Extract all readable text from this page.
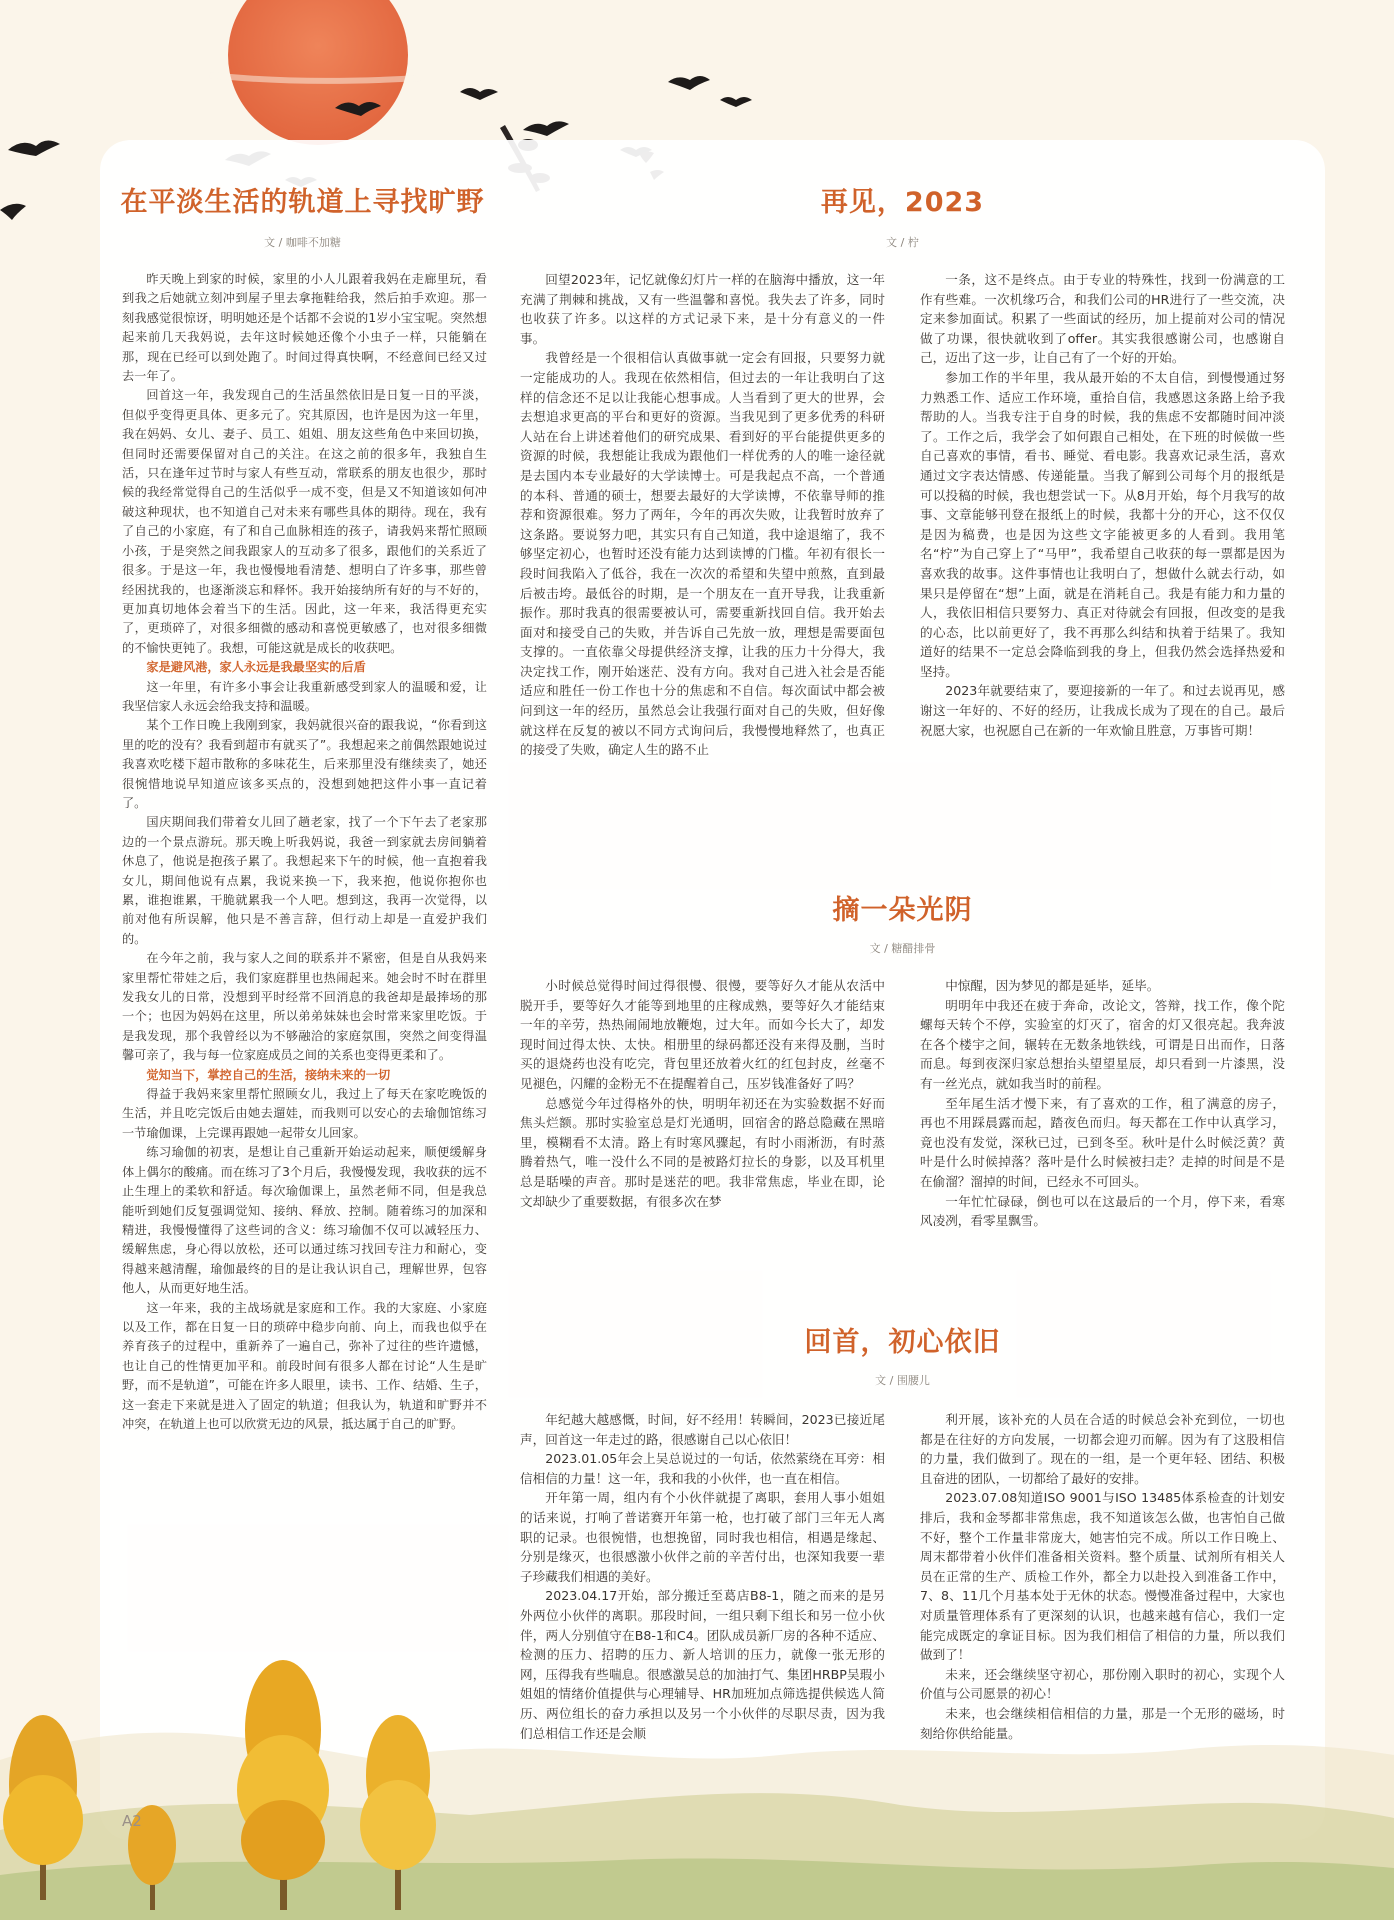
在平淡生活的轨道上寻找旷野
文 / 咖啡不加糖

昨天晚上到家的时候，家里的小人儿跟着我妈在走廊里玩，看到我之后她就立刻冲到屋子里去拿拖鞋给我，然后拍手欢迎。那一刻我感觉很惊讶，明明她还是个话都不会说的1岁小宝宝呢。突然想起来前几天我妈说，去年这时候她还像个小虫子一样，只能躺在那，现在已经可以到处跑了。时间过得真快啊，不经意间已经又过去一年了。

回首这一年，我发现自己的生活虽然依旧是日复一日的平淡，但似乎变得更具体、更多元了。究其原因，也许是因为这一年里，我在妈妈、女儿、妻子、员工、姐姐、朋友这些角色中来回切换，但同时还需要保留对自己的关注。在这之前的很多年，我独自生活，只在逢年过节时与家人有些互动，常联系的朋友也很少，那时候的我经常觉得自己的生活似乎一成不变，但是又不知道该如何冲破这种现状，也不知道自己对未来有哪些具体的期待。现在，我有了自己的小家庭，有了和自己血脉相连的孩子，请我妈来帮忙照顾小孩，于是突然之间我跟家人的互动多了很多，跟他们的关系近了很多。于是这一年，我也慢慢地看清楚、想明白了许多事，那些曾经困扰我的，也逐渐淡忘和释怀。我开始接纳所有好的与不好的，更加真切地体会着当下的生活。因此，这一年来，我活得更充实了，更琐碎了，对很多细微的感动和喜悦更敏感了，也对很多细微的不愉快更钝了。我想，可能这就是成长的收获吧。

家是避风港，家人永远是我最坚实的后盾

这一年里，有许多小事会让我重新感受到家人的温暖和爱，让我坚信家人永远会给我支持和温暖。

某个工作日晚上我刚到家，我妈就很兴奋的跟我说，“你看到这里的吃的没有？我看到超市有就买了”。我想起来之前偶然跟她说过我喜欢吃楼下超市散称的多味花生，后来那里没有继续卖了，她还很惋惜地说早知道应该多买点的，没想到她把这件小事一直记着了。

国庆期间我们带着女儿回了趟老家，找了一个下午去了老家那边的一个景点游玩。那天晚上听我妈说，我爸一到家就去房间躺着休息了，他说是抱孩子累了。我想起来下午的时候，他一直抱着我女儿，期间他说有点累，我说来换一下，我来抱，他说你抱你也累，谁抱谁累，干脆就累我一个人吧。想到这，我再一次觉得，以前对他有所误解，他只是不善言辞，但行动上却是一直爱护我们的。

在今年之前，我与家人之间的联系并不紧密，但是自从我妈来家里帮忙带娃之后，我们家庭群里也热闹起来。她会时不时在群里发我女儿的日常，没想到平时经常不回消息的我爸却是最捧场的那一个；也因为妈妈在这里，所以弟弟妹妹也会时常来家里吃饭。于是我发现，那个我曾经以为不够融洽的家庭氛围，突然之间变得温馨可亲了，我与每一位家庭成员之间的关系也变得更柔和了。

觉知当下，掌控自己的生活，接纳未来的一切

得益于我妈来家里帮忙照顾女儿，我过上了每天在家吃晚饭的生活，并且吃完饭后由她去遛娃，而我则可以安心的去瑜伽馆练习一节瑜伽课，上完课再跟她一起带女儿回家。

练习瑜伽的初衷，是想让自己重新开始运动起来，顺便缓解身体上偶尔的酸痛。而在练习了3个月后，我慢慢发现，我收获的远不止生理上的柔软和舒适。每次瑜伽课上，虽然老师不同，但是我总能听到她们反复强调觉知、接纳、释放、控制。随着练习的加深和精进，我慢慢懂得了这些词的含义：练习瑜伽不仅可以减轻压力、缓解焦虑，身心得以放松，还可以通过练习找回专注力和耐心，变得越来越清醒，瑜伽最终的目的是让我认识自己，理解世界，包容他人，从而更好地生活。

这一年来，我的主战场就是家庭和工作。我的大家庭、小家庭以及工作，都在日复一日的琐碎中稳步向前、向上，而我也似乎在养育孩子的过程中，重新养了一遍自己，弥补了过往的些许遗憾，也让自己的性情更加平和。前段时间有很多人都在讨论“人生是旷野，而不是轨道”，可能在许多人眼里，读书、工作、结婚、生子，这一套走下来就是进入了固定的轨道；但我认为，轨道和旷野并不冲突，在轨道上也可以欣赏无边的风景，抵达属于自己的旷野。

再见，2023
文 / 柠

回望2023年，记忆就像幻灯片一样的在脑海中播放，这一年充满了荆棘和挑战，又有一些温馨和喜悦。我失去了许多，同时也收获了许多。以这样的方式记录下来，是十分有意义的一件事。

我曾经是一个很相信认真做事就一定会有回报，只要努力就一定能成功的人。我现在依然相信，但过去的一年让我明白了这样的信念还不足以让我能心想事成。人当看到了更大的世界，会去想追求更高的平台和更好的资源。当我见到了更多优秀的科研人站在台上讲述着他们的研究成果、看到好的平台能提供更多的资源的时候，我想能让我成为跟他们一样优秀的人的唯一途径就是去国内本专业最好的大学读博士。可是我起点不高，一个普通的本科、普通的硕士，想要去最好的大学读博，不依靠导师的推荐和资源很难。努力了两年，今年的再次失败，让我暂时放弃了这条路。要说努力吧，其实只有自己知道，我中途退缩了，我不够坚定初心，也暂时还没有能力达到读博的门槛。年初有很长一段时间我陷入了低谷，我在一次次的希望和失望中煎熬，直到最后被击垮。最低谷的时期，是一个朋友在一直开导我，让我重新振作。那时我真的很需要被认可，需要重新找回自信。我开始去面对和接受自己的失败，并告诉自己先放一放，理想是需要面包支撑的。一直依靠父母提供经济支撑，让我的压力十分得大，我决定找工作，刚开始迷茫、没有方向。我对自己进入社会是否能适应和胜任一份工作也十分的焦虑和不自信。每次面试中都会被问到这一年的经历，虽然总会让我强行面对自己的失败，但好像就这样在反复的被以不同方式询问后，我慢慢地释然了，也真正的接受了失败，确定人生的路不止

一条，这不是终点。由于专业的特殊性，找到一份满意的工作有些难。一次机缘巧合，和我们公司的HR进行了一些交流，决定来参加面试。积累了一些面试的经历，加上提前对公司的情况做了功课，很快就收到了offer。其实我很感谢公司，也感谢自己，迈出了这一步，让自己有了一个好的开始。

参加工作的半年里，我从最开始的不太自信，到慢慢通过努力熟悉工作、适应工作环境，重拾自信，我感恩这条路上给予我帮助的人。当我专注于自身的时候，我的焦虑不安都随时间冲淡了。工作之后，我学会了如何跟自己相处，在下班的时候做一些自己喜欢的事情，看书、睡觉、看电影。我喜欢记录生活，喜欢通过文字表达情感、传递能量。当我了解到公司每个月的报纸是可以投稿的时候，我也想尝试一下。从8月开始，每个月我写的故事、文章能够刊登在报纸上的时候，我都十分的开心，这不仅仅是因为稿费，也是因为这些文字能被更多的人看到。我用笔名“柠”为自己穿上了“马甲”，我希望自己收获的每一票都是因为喜欢我的故事。这件事情也让我明白了，想做什么就去行动，如果只是停留在“想”上面，就是在消耗自己。我是有能力和力量的人，我依旧相信只要努力、真正对待就会有回报，但改变的是我的心态，比以前更好了，我不再那么纠结和执着于结果了。我知道好的结果不一定总会降临到我的身上，但我仍然会选择热爱和坚持。

2023年就要结束了，要迎接新的一年了。和过去说再见，感谢这一年好的、不好的经历，让我成长成为了现在的自己。最后祝愿大家，也祝愿自己在新的一年欢愉且胜意，万事皆可期！

摘一朵光阴
文 / 糖醋排骨

小时候总觉得时间过得很慢、很慢，要等好久才能从农活中脱开手，要等好久才能等到地里的庄稼成熟，要等好久才能结束一年的辛劳，热热闹闹地放鞭炮，过大年。而如今长大了，却发现时间过得太快、太快。相册里的绿码都还没有来得及删，当时买的退烧药也没有吃完，背包里还放着火红的红包封皮，丝毫不见褪色，闪耀的金粉无不在提醒着自己，压岁钱准备好了吗？

总感觉今年过得格外的快，明明年初还在为实验数据不好而焦头烂额。那时实验室总是灯光通明，回宿舍的路总隐藏在黑暗里，模糊看不太清。路上有时寒风骤起，有时小雨淅沥，有时蒸腾着热气，唯一没什么不同的是被路灯拉长的身影，以及耳机里总是聒噪的声音。那时是迷茫的吧。我非常焦虑，毕业在即，论文却缺少了重要数据，有很多次在梦

中惊醒，因为梦见的都是延毕，延毕。

明明年中我还在疲于奔命，改论文，答辩，找工作，像个陀螺每天转个不停，实验室的灯灭了，宿舍的灯又很亮起。我奔波在各个楼宇之间，辗转在无数条地铁线，可谓是日出而作，日落而息。每到夜深归家总想抬头望望星辰，却只看到一片漆黑，没有一丝光点，就如我当时的前程。

至年尾生活才慢下来，有了喜欢的工作，租了满意的房子，再也不用踩晨露而起，踏夜色而归。每天都在工作中认真学习，竟也没有发觉，深秋已过，已到冬至。秋叶是什么时候泛黄？黄叶是什么时候掉落？落叶是什么时候被扫走？走掉的时间是不是在偷溜？溜掉的时间，已经永不可回头。

一年忙忙碌碌，倒也可以在这最后的一个月，停下来，看寒风凌冽，看零星飘雪。

回首，初心依旧
文 / 围腰儿

年纪越大越感慨，时间，好不经用！转瞬间，2023已接近尾声，回首这一年走过的路，很感谢自己以心依旧！

2023.01.05年会上吴总说过的一句话，依然萦绕在耳旁：相信相信的力量！这一年，我和我的小伙伴，也一直在相信。

开年第一周，组内有个小伙伴就提了离职，套用人事小姐姐的话来说，打响了普诺赛开年第一枪，也打破了部门三年无人离职的记录。也很惋惜，也想挽留，同时我也相信，相遇是缘起、分别是缘灭，也很感激小伙伴之前的辛苦付出，也深知我要一辈子珍藏我们相遇的美好。

2023.04.17开始，部分搬迁至葛店B8-1，随之而来的是另外两位小伙伴的离职。那段时间，一组只剩下组长和另一位小伙伴，两人分别值守在B8-1和C4。团队成员新厂房的各种不适应、检测的压力、招聘的压力、新人培训的压力，就像一张无形的网，压得我有些喘息。很感激吴总的加油打气、集团HRBP吴瑕小姐姐的情绪价值提供与心理辅导、HR加班加点筛选提供候选人简历、两位组长的奋力承担以及另一个小伙伴的尽职尽责，因为我们总相信工作还是会顺

利开展，该补充的人员在合适的时候总会补充到位，一切也都是在往好的方向发展，一切都会迎刃而解。因为有了这股相信的力量，我们做到了。现在的一组，是一个更年轻、团结、积极且奋进的团队，一切都给了最好的安排。

2023.07.08知道ISO 9001与ISO 13485体系检查的计划安排后，我和金琴都非常焦虑，我不知道该怎么做，也害怕自己做不好，整个工作量非常庞大，她害怕完不成。所以工作日晚上、周末都带着小伙伴们准备相关资料。整个质量、试剂所有相关人员在正常的生产、质检工作外，都全力以赴投入到准备工作中，7、8、11几个月基本处于无休的状态。慢慢准备过程中，大家也对质量管理体系有了更深刻的认识，也越来越有信心，我们一定能完成既定的拿证目标。因为我们相信了相信的力量，所以我们做到了！

未来，还会继续坚守初心，那份刚入职时的初心，实现个人价值与公司愿景的初心！

未来，也会继续相信相信的力量，那是一个无形的磁场，时刻给你供给能量。

A2
